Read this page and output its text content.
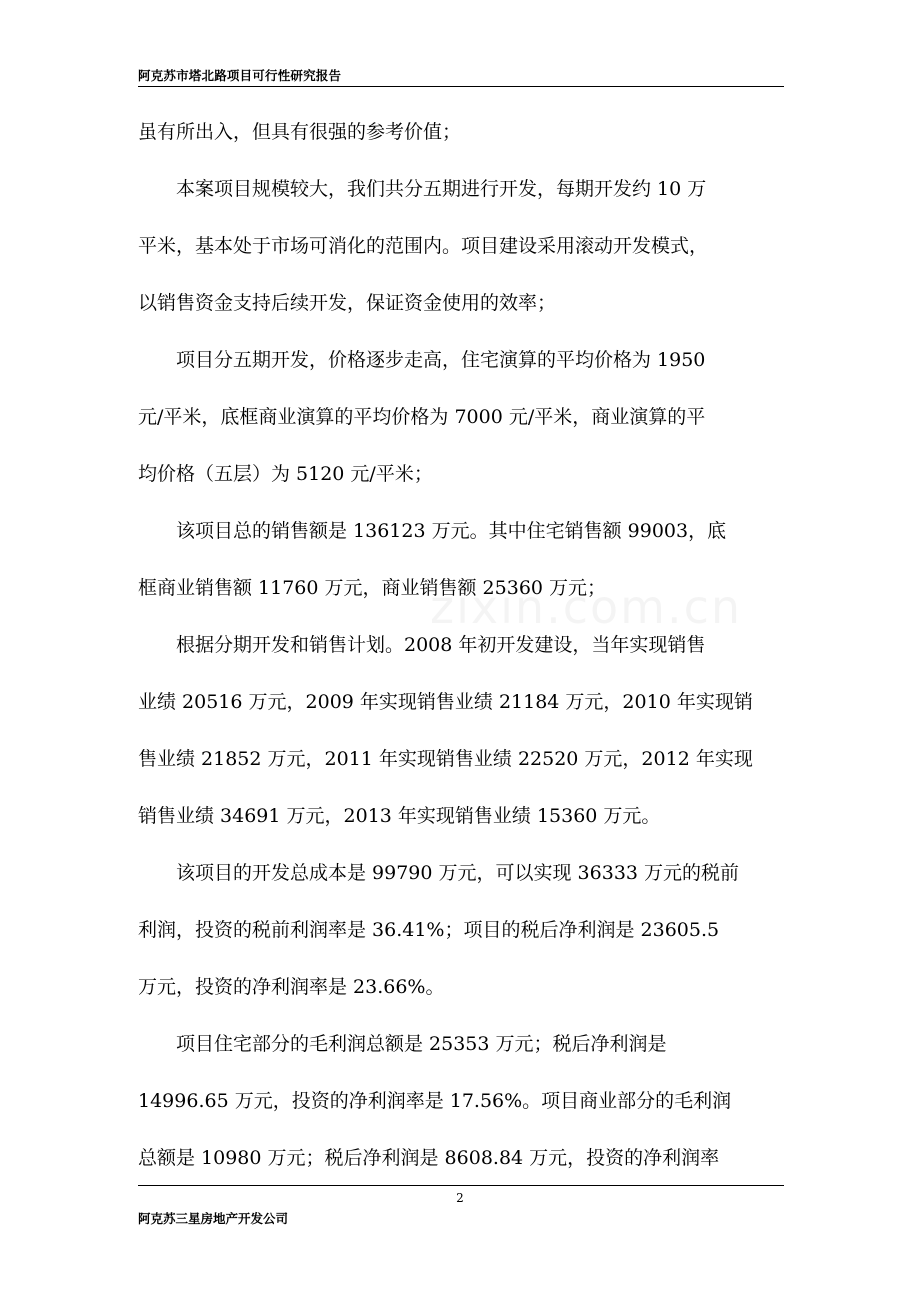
阿克苏市塔北路项目可行性研究报告
虽有所出入，但具有很强的参考价值；
　　本案项目规模较大，我们共分五期进行开发，每期开发约 10 万
平米，基本处于市场可消化的范围内。项目建设采用滚动开发模式，
以销售资金支持后续开发，保证资金使用的效率；
　　项目分五期开发，价格逐步走高，住宅演算的平均价格为 1950
元/平米，底框商业演算的平均价格为 7000 元/平米，商业演算的平
均价格（五层）为 5120 元/平米；
　　该项目总的销售额是 136123 万元。其中住宅销售额 99003，底
框商业销售额 11760 万元，商业销售额 25360 万元；
　　根据分期开发和销售计划。2008 年初开发建设，当年实现销售
业绩 20516 万元，2009 年实现销售业绩 21184 万元，2010 年实现销
售业绩 21852 万元，2011 年实现销售业绩 22520 万元，2012 年实现
销售业绩 34691 万元，2013 年实现销售业绩 15360 万元。
　　该项目的开发总成本是 99790 万元，可以实现 36333 万元的税前
利润，投资的税前利润率是 36.41%；项目的税后净利润是 23605.5
万元，投资的净利润率是 23.66%。
　　项目住宅部分的毛利润总额是 25353 万元；税后净利润是
14996.65 万元，投资的净利润率是 17.56%。项目商业部分的毛利润
总额是 10980 万元；税后净利润是 8608.84 万元，投资的净利润率
2
阿克苏三星房地产开发公司
